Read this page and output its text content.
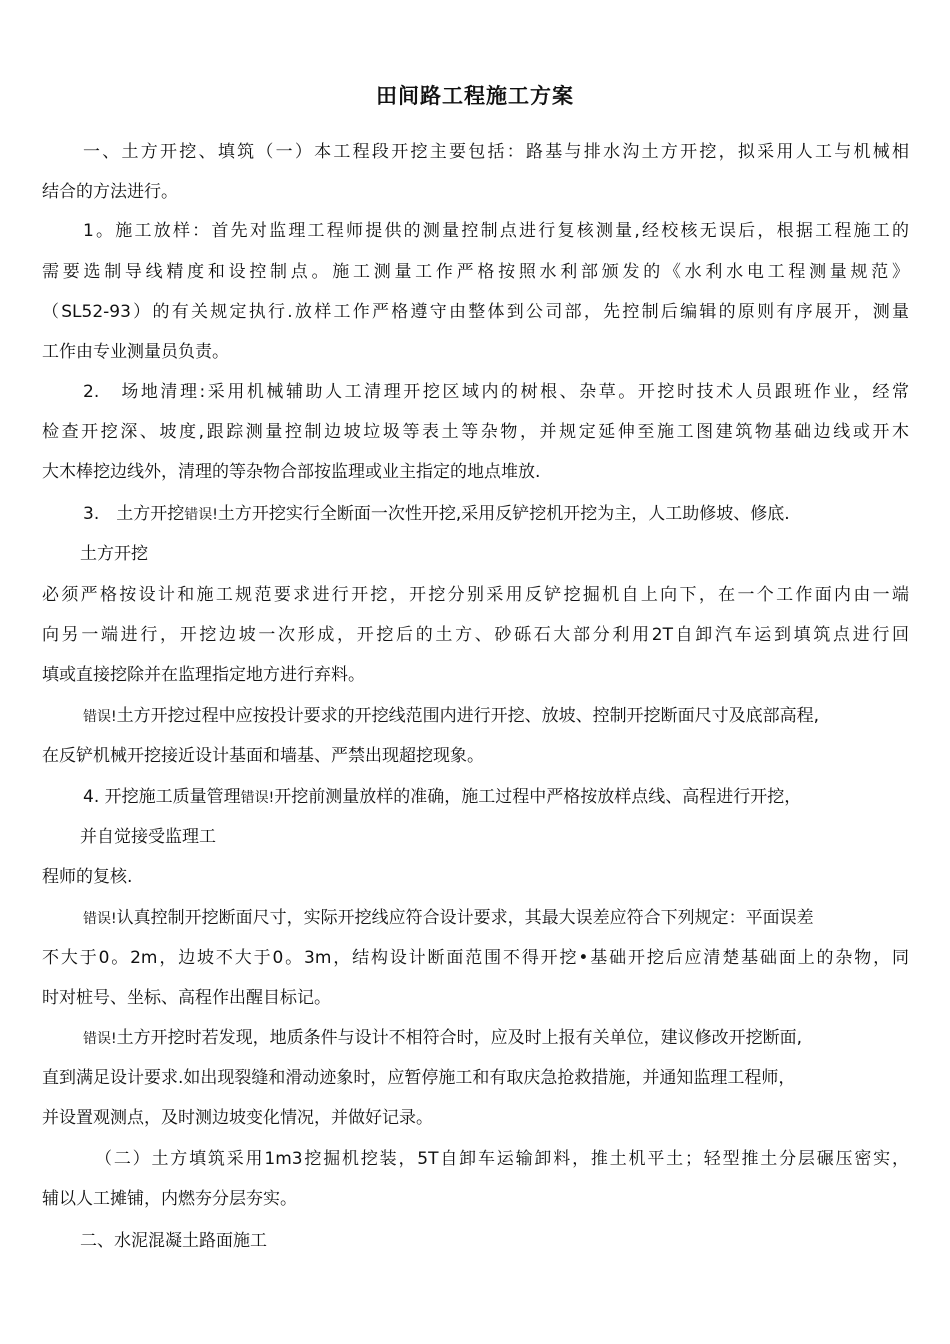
田间路工程施工方案
一、土方开挖、填筑（一）本工程段开挖主要包括：路基与排水沟土方开挖，拟采用人工与机械相
结合的方法进行。
1。施工放样：首先对监理工程师提供的测量控制点进行复核测量,经校核无误后，根据工程施工的
需要选制导线精度和设控制点。施工测量工作严格按照水利部颁发的《水利水电工程测量规范》
（SL52-93）的有关规定执行.放样工作严格遵守由整体到公司部，先控制后编辑的原则有序展开，测量
工作由专业测量员负责。
2.　场地清理:采用机械辅助人工清理开挖区域内的树根、杂草。开挖时技术人员跟班作业，经常
检查开挖深、坡度,跟踪测量控制边坡垃圾等表土等杂物，并规定延伸至施工图建筑物基础边线或开木
大木棒挖边线外，清理的等杂物合部按监理或业主指定的地点堆放.
3.　土方开挖错误!土方开挖实行全断面一次性开挖,采用反铲挖机开挖为主，人工助修坡、修底.
土方开挖
必须严格按设计和施工规范要求进行开挖，开挖分别采用反铲挖掘机自上向下，在一个工作面内由一端
向另一端进行，开挖边坡一次形成，开挖后的土方、砂砾石大部分利用2T自卸汽车运到填筑点进行回
填或直接挖除并在监理指定地方进行弃料。
错误!土方开挖过程中应按投计要求的开挖线范围内进行开挖、放坡、控制开挖断面尺寸及底部高程,
在反铲机械开挖接近设计基面和墙基、严禁出现超挖现象。
4. 开挖施工质量管理错误!开挖前测量放样的准确，施工过程中严格按放样点线、高程进行开挖，
并自觉接受监理工
程师的复核.
错误!认真控制开挖断面尺寸，实际开挖线应符合设计要求，其最大误差应符合下列规定：平面误差
不大于0。2m，边坡不大于0。3m，结构设计断面范围不得开挖•基础开挖后应清楚基础面上的杂物，同
时对桩号、坐标、高程作出醒目标记。
错误!土方开挖时若发现，地质条件与设计不相符合时，应及时上报有关单位，建议修改开挖断面,
直到满足设计要求.如出现裂缝和滑动迹象时，应暂停施工和有取庆急抢救措施，并通知监理工程师，
并设置观测点，及时测边坡变化情况，并做好记录。
（二）土方填筑采用1m3挖掘机挖装，5T自卸车运输卸料，推土机平土；轻型推土分层碾压密实，
辅以人工摊铺，内燃夯分层夯实。
二、水泥混凝土路面施工
